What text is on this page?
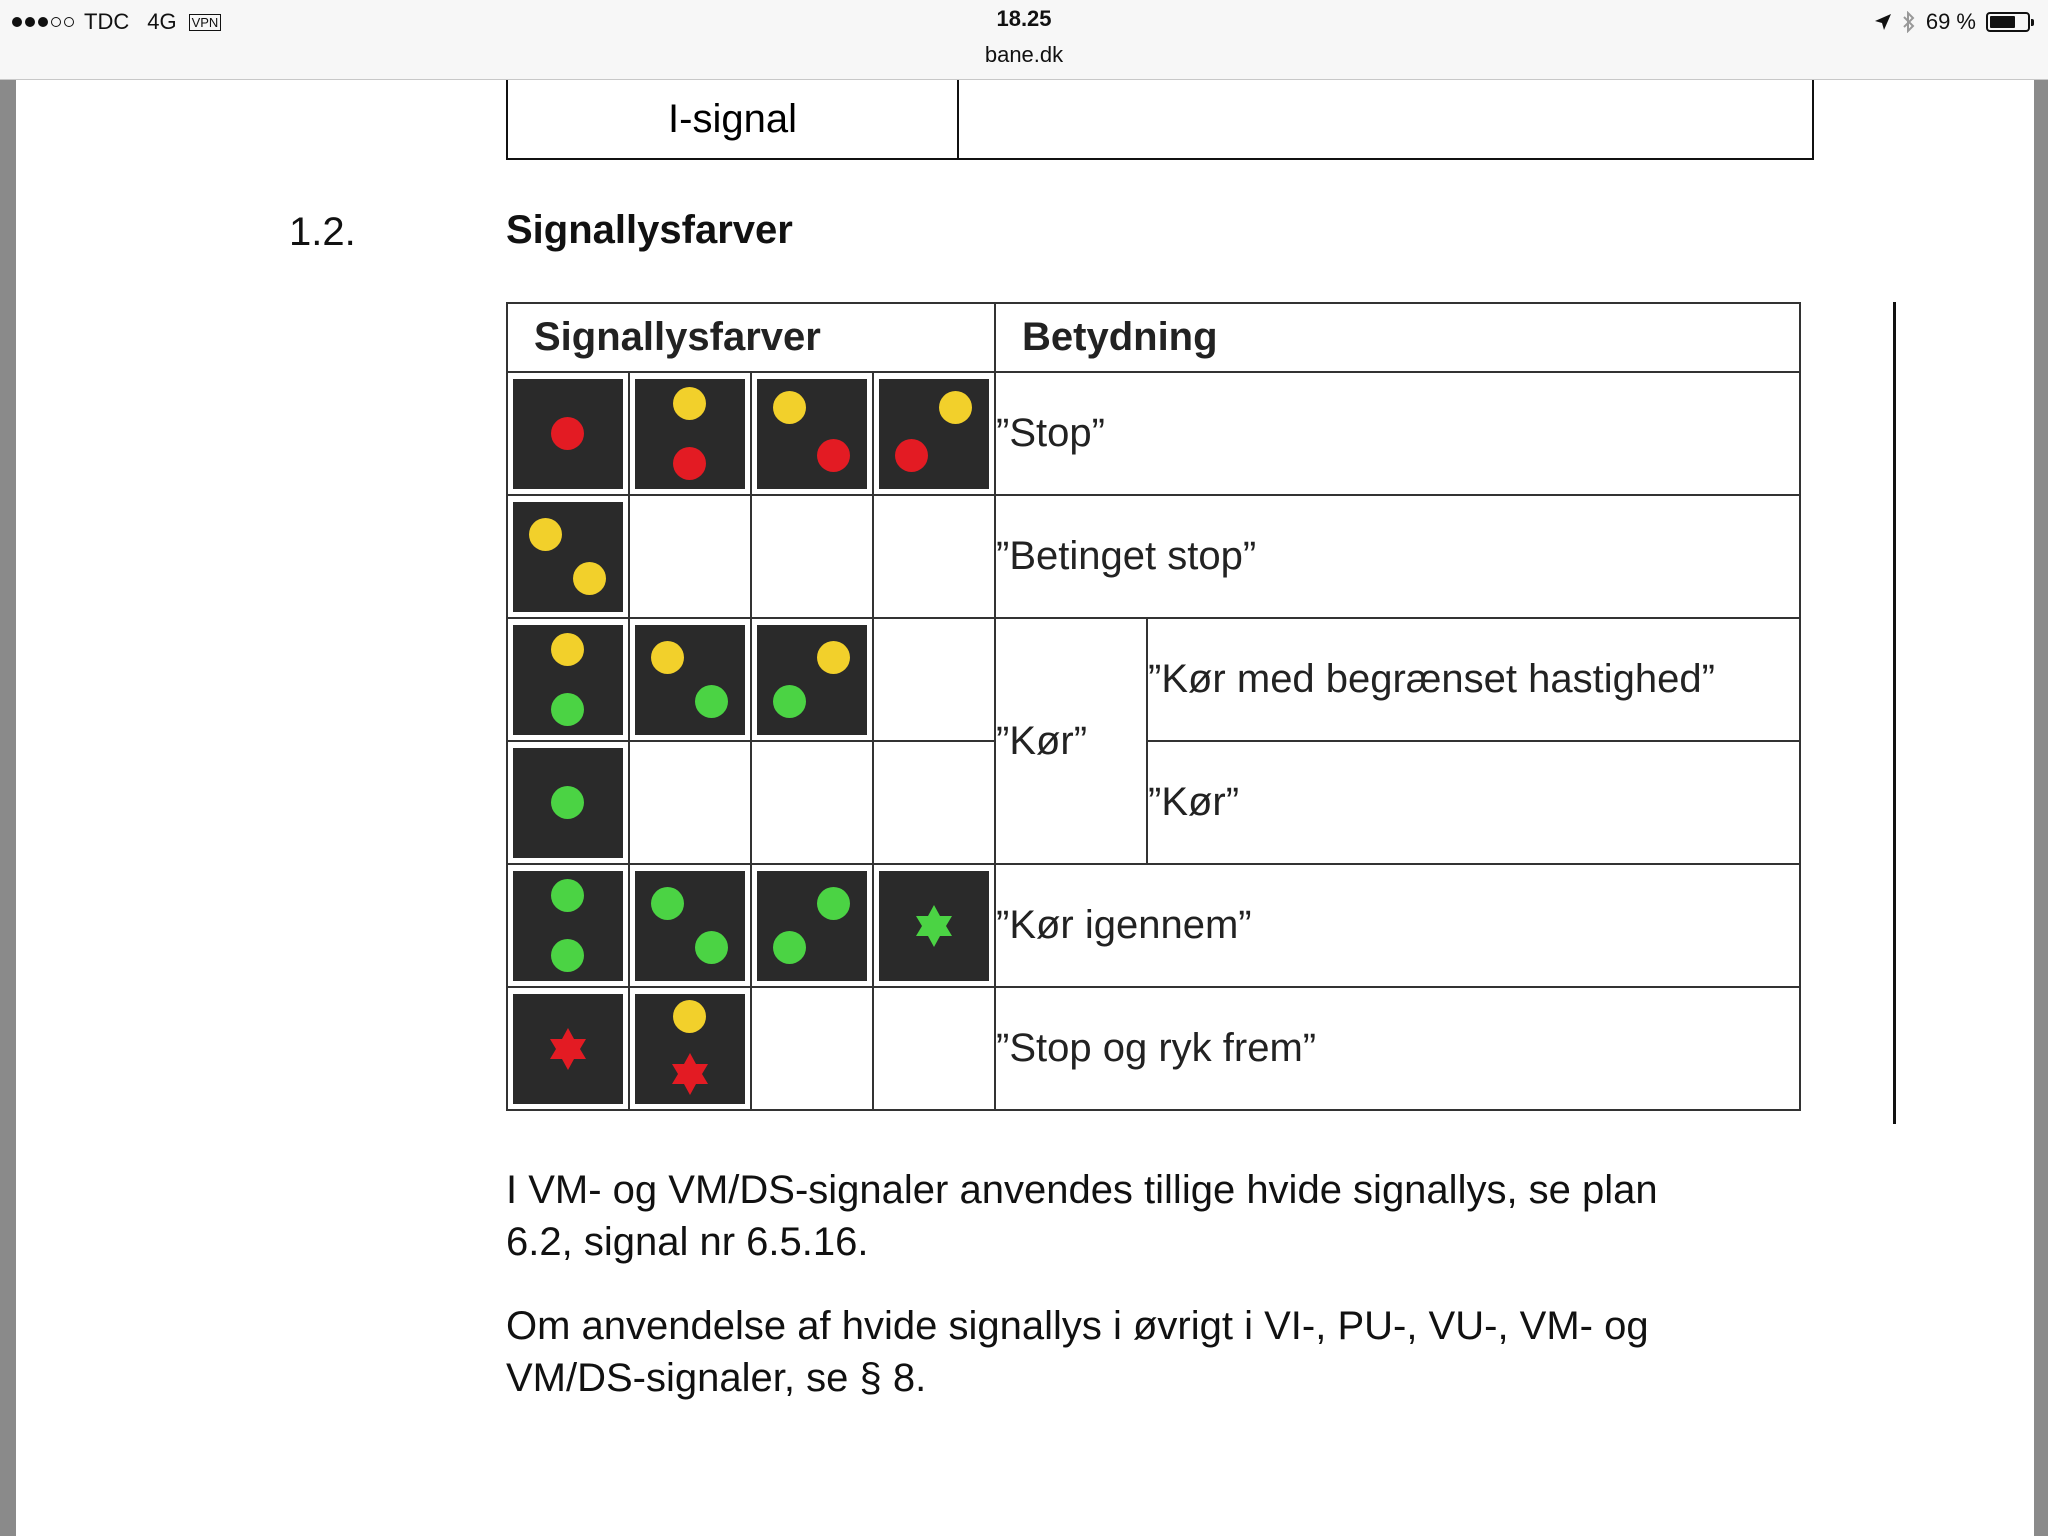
TDC 4G VPN	18.25
bane.dk
69 %
I-signal
1.2.	Signallysfarver
Signallysfarver				Betydning	

	”Stop”	

				”Betinget stop”	

		”Kør”	”Kør med begrænset hastighed”

					”Kør”

	”Kør igennem”	

			”Stop og ryk frem”	
I VM- og VM/DS-signaler anvendes tillige hvide signallys, se plan
6.2, signal nr 6.5.16.
Om anvendelse af hvide signallys i øvrigt i VI-, PU-, VU-, VM- og
VM/DS-signaler, se § 8.
